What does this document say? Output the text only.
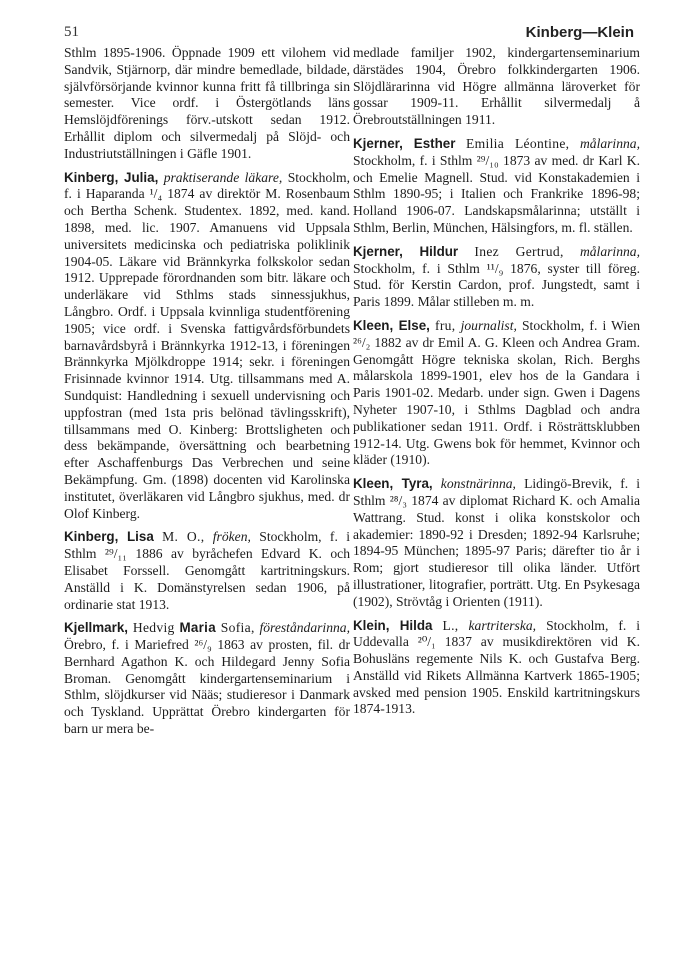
51	Kinberg—Klein

Sthlm 1895-1906. Öppnade 1909 ett vilohem vid Sandvik, Stjärnorp, där mindre bemedlade, bildade, självförsörjande kvinnor kunna fritt få tillbringa sin semester. Vice ordf. i Östergötlands läns Hemslöjdförenings förv.-utskott sedan 1912. Erhållit diplom och silvermedalj på Slöjd- och Industriutställningen i Gäfle 1901.

Kinberg, Julia, praktiserande läkare, Stockholm, f. i Haparanda ¹/₄ 1874 av direktör M. Rosenbaum och Bertha Schenk. Studentex. 1892, med. kand. 1898, med. lic. 1907. Amanuens vid Uppsala universitets medicinska och pediatriska poliklinik 1904-05. Läkare vid Brännkyrka folkskolor sedan 1912. Upprepade förordnanden som bitr. läkare och underläkare vid Sthlms stads sinnessjukhus, Långbro. Ordf. i Uppsala kvinnliga studentförening 1905; vice ordf. i Svenska fattigvårdsförbundets barnavårdsbyrå i Brännkyrka 1912-13, i föreningen Brännkyrka Mjölkdroppe 1914; sekr. i föreningen Frisinnade kvinnor 1914. Utg. tillsammans med A. Sundquist: Handledning i sexuell undervisning och uppfostran (med 1sta pris belönad tävlingsskrift), tillsammans med O. Kinberg: Brottsligheten och dess bekämpande, översättning och bearbetning efter Aschaffenburgs Das Verbrechen und seine Bekämpfung. Gm. (1898) docenten vid Karolinska institutet, överläkaren vid Långbro sjukhus, med. dr Olof Kinberg.

Kinberg, Lisa M. O., fröken, Stockholm, f. i Sthlm ²⁹/₁₁ 1886 av byråchefen Edvard K. och Elisabet Forssell. Genomgått kartritningskurs. Anställd i K. Domänstyrelsen sedan 1906, på ordinarie stat 1913.

Kjellmark, Hedvig Maria Sofia, föreståndarinna, Örebro, f. i Mariefred ²⁶/₉ 1863 av prosten, fil. dr Bernhard Agathon K. och Hildegard Jenny Sofia Broman. Genomgått kindergartenseminarium i Sthlm, slöjdkurser vid Nääs; studieresor i Danmark och Tyskland. Upprättat Örebro kindergarten för barn ur mera be-

medlade familjer 1902, kindergartenseminarium därstädes 1904, Örebro folkkindergarten 1906. Slöjdlärarinna vid Högre allmänna läroverket för gossar 1909-11. Erhållit silvermedalj å Örebroutställningen 1911.

Kjerner, Esther Emilia Léontine, målarinna, Stockholm, f. i Sthlm ²⁹/₁₀ 1873 av med. dr Karl K. och Emelie Magnell. Stud. vid Konstakademien i Sthlm 1890-95; i Italien och Frankrike 1896-98; Holland 1906-07. Landskapsmålarinna; utställt i Sthlm, Berlin, München, Hälsingfors, m. fl. ställen.

Kjerner, Hildur Inez Gertrud, målarinna, Stockholm, f. i Sthlm ¹¹/₉ 1876, syster till föreg. Stud. för Kerstin Cardon, prof. Jungstedt, samt i Paris 1899. Målar stilleben m. m.

Kleen, Else, fru, journalist, Stockholm, f. i Wien ²⁶/₂ 1882 av dr Emil A. G. Kleen och Andrea Gram. Genomgått Högre tekniska skolan, Rich. Berghs målarskola 1899-1901, elev hos de la Gandara i Paris 1901-02. Medarb. under sign. Gwen i Dagens Nyheter 1907-10, i Sthlms Dagblad och andra publikationer sedan 1911. Ordf. i Rösträttsklubben 1912-14. Utg. Gwens bok för hemmet, Kvinnor och kläder (1910).

Kleen, Tyra, konstnärinna, Lidingö-Brevik, f. i Sthlm ²⁸/₃ 1874 av diplomat Richard K. och Amalia Wattrang. Stud. konst i olika konstskolor och akademier: 1890-92 i Dresden; 1892-94 Karlsruhe; 1894-95 München; 1895-97 Paris; därefter tio år i Rom; gjort studieresor till olika länder. Utfört illustrationer, litografier, porträtt. Utg. En Psykesaga (1902), Strövtåg i Orienten (1911).

Klein, Hilda L., kartriterska, Stockholm, f. i Uddevalla ²⁰/₁ 1837 av musikdirektören vid K. Bohusläns regemente Nils K. och Gustafva Berg. Anställd vid Rikets Allmänna Kartverk 1865-1905; avsked med pension 1905. Enskild kartritningskurs 1874-1913.
